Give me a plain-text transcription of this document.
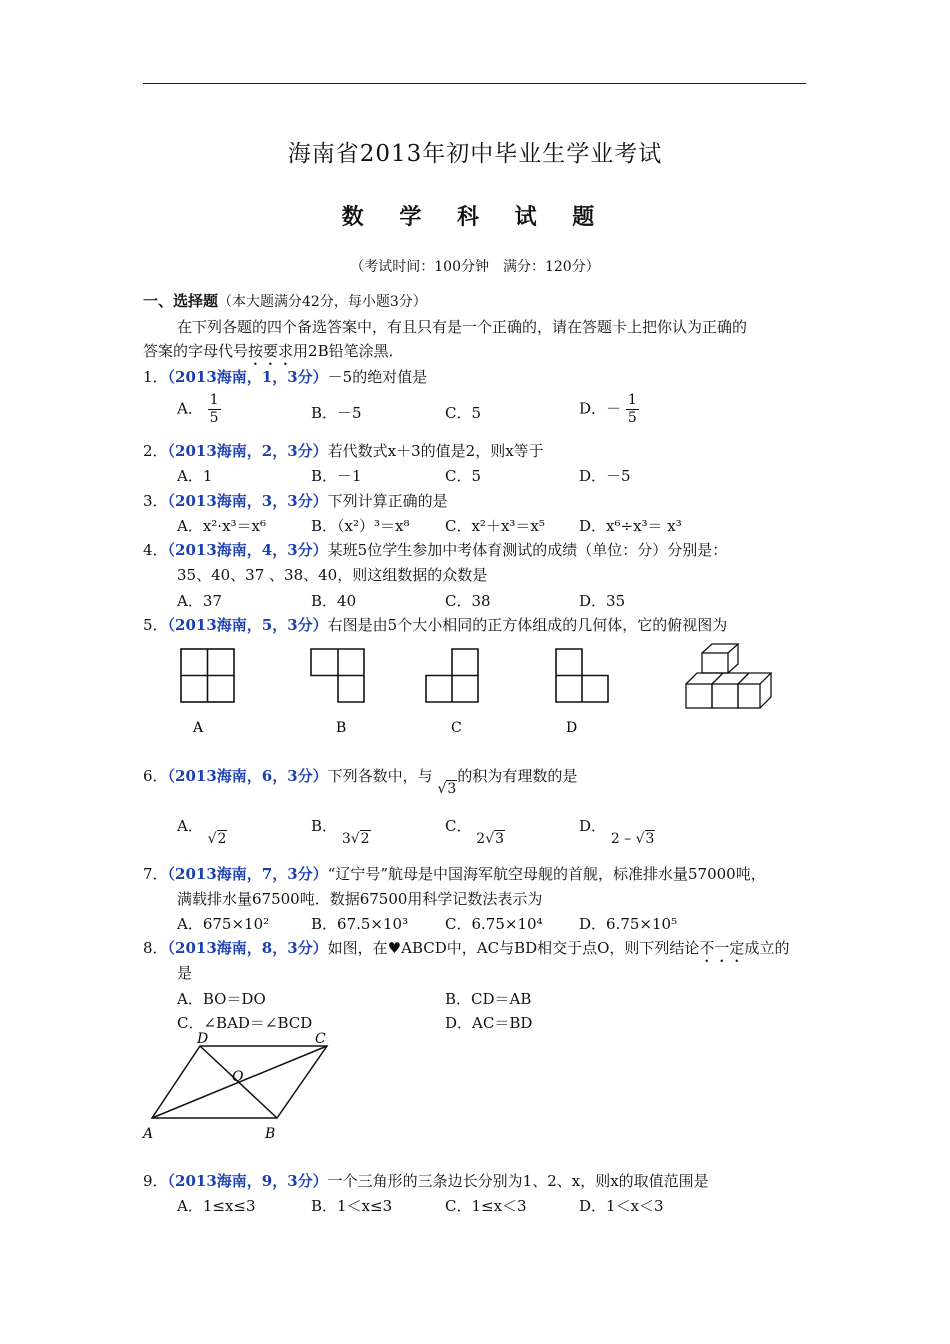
海南省2013年初中毕业生学业考试
数 学 科 试 题
（考试时间：100分钟　满分：120分）
一、选择题（本大题满分42分，每小题3分）
在下列各题的四个备选答案中，有且只有是一个正确的，请在答题卡上把你认为正确的
答案的字母代号按要求用2B铅笔涂黑．
1．（2013海南，1，3分）－5的绝对值是
A． $\frac{1}{5}$	B．－5	C．5	D．－ $\frac{1}{5}$
2．（2013海南，2，3分）若代数式x＋3的值是2，则x等于
A．1	B．－1	C．5	D．－5
3．（2013海南，3，3分）下列计算正确的是
A．x²·x³＝x⁶	B．（x²）³＝x⁸ C．x²＋x³＝x⁵ D．x⁶÷x³＝ x³
4．（2013海南，4，3分）某班5位学生参加中考体育测试的成绩（单位：分）分别是：
35、40、37 、38、40，则这组数据的众数是
A．37	B．40	C．38	D．35
5．（2013海南，5，3分）右图是由5个大小相同的正方体组成的几何体，它的俯视图为
A	B	C	D
6．（2013海南，6，3分）下列各数中，与 √3的积为有理数的是
A． √2
B． 3√2
C． 2√3
D． 2 – √3
7．（2013海南，7，3分）“辽宁号”航母是中国海军航空母舰的首舰，标准排水量57000吨，
满载排水量67500吨．数据67500用科学记数法表示为
A．675×10²	B．67.5×10³ C．6.75×10⁴ D．6.75×10⁵
8．（2013海南，8，3分）如图，在♥ABCD中，AC与BD相交于点O，则下列结论不一定成立的
是
A．BO＝DO	B．CD＝AB
C．∠BAD＝∠BCD	D．AC＝BD
D	C
O
A	B
9．（2013海南，9，3分）一个三角形的三条边长分别为1、2、x，则x的取值范围是
A．1≤x≤3	B．1＜x≤3	C．1≤x＜3	D．1＜x＜3
